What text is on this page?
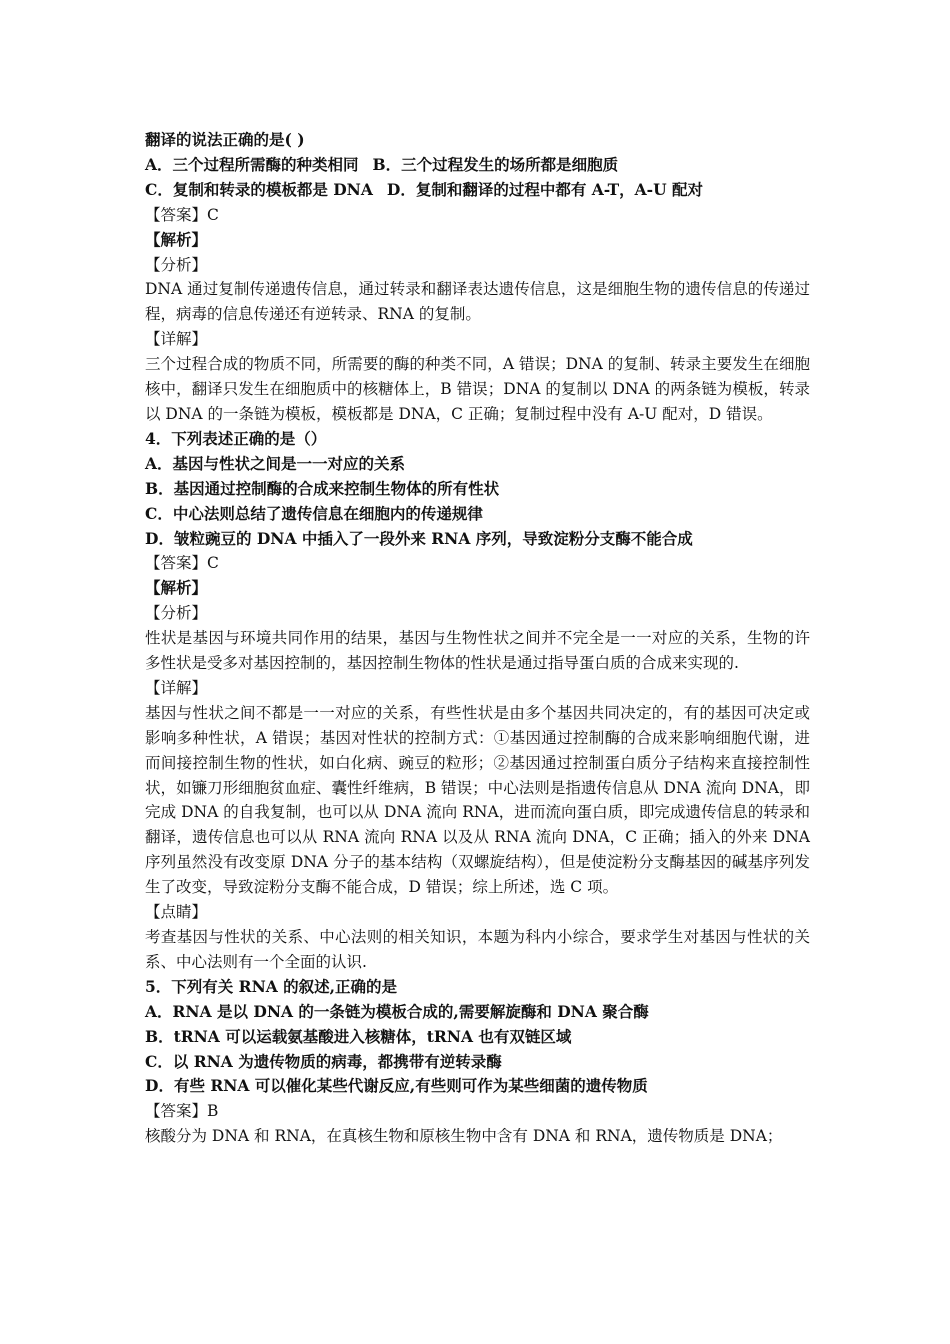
翻译的说法正确的是( )
A．三个过程所需酶的种类相同 B．三个过程发生的场所都是细胞质
C．复制和转录的模板都是 DNA D．复制和翻译的过程中都有 A-T，A-U 配对
【答案】C
【解析】
【分析】
DNA 通过复制传递遗传信息，通过转录和翻译表达遗传信息，这是细胞生物的遗传信息的传递过程，病毒的信息传递还有逆转录、RNA 的复制。
【详解】
三个过程合成的物质不同，所需要的酶的种类不同，A 错误；DNA 的复制、转录主要发生在细胞核中，翻译只发生在细胞质中的核糖体上，B 错误；DNA 的复制以 DNA 的两条链为模板，转录以 DNA 的一条链为模板，模板都是 DNA，C 正确；复制过程中没有 A-U 配对，D 错误。
4．下列表述正确的是（）
A．基因与性状之间是一一对应的关系
B．基因通过控制酶的合成来控制生物体的所有性状
C．中心法则总结了遗传信息在细胞内的传递规律
D．皱粒豌豆的 DNA 中插入了一段外来 RNA 序列，导致淀粉分支酶不能合成
【答案】C
【解析】
【分析】
性状是基因与环境共同作用的结果，基因与生物性状之间并不完全是一一对应的关系，生物的许多性状是受多对基因控制的，基因控制生物体的性状是通过指导蛋白质的合成来实现的.
【详解】
基因与性状之间不都是一一对应的关系，有些性状是由多个基因共同决定的，有的基因可决定或影响多种性状，A 错误；基因对性状的控制方式：①基因通过控制酶的合成来影响细胞代谢，进而间接控制生物的性状，如白化病、豌豆的粒形；②基因通过控制蛋白质分子结构来直接控制性状，如镰刀形细胞贫血症、囊性纤维病，B 错误；中心法则是指遗传信息从 DNA 流向 DNA，即完成 DNA 的自我复制，也可以从 DNA 流向 RNA，进而流向蛋白质，即完成遗传信息的转录和翻译，遗传信息也可以从 RNA 流向 RNA 以及从 RNA 流向 DNA，C 正确；插入的外来 DNA 序列虽然没有改变原 DNA 分子的基本结构（双螺旋结构），但是使淀粉分支酶基因的碱基序列发生了改变，导致淀粉分支酶不能合成，D 错误；综上所述，选 C 项。
【点睛】
考查基因与性状的关系、中心法则的相关知识，本题为科内小综合，要求学生对基因与性状的关系、中心法则有一个全面的认识.
5．下列有关 RNA 的叙述,正确的是
A．RNA 是以 DNA 的一条链为模板合成的,需要解旋酶和 DNA 聚合酶
B．tRNA 可以运载氨基酸进入核糖体，tRNA 也有双链区域
C．以 RNA 为遗传物质的病毒，都携带有逆转录酶
D．有些 RNA 可以催化某些代谢反应,有些则可作为某些细菌的遗传物质
【答案】B
核酸分为 DNA 和 RNA，在真核生物和原核生物中含有 DNA 和 RNA，遗传物质是 DNA；
